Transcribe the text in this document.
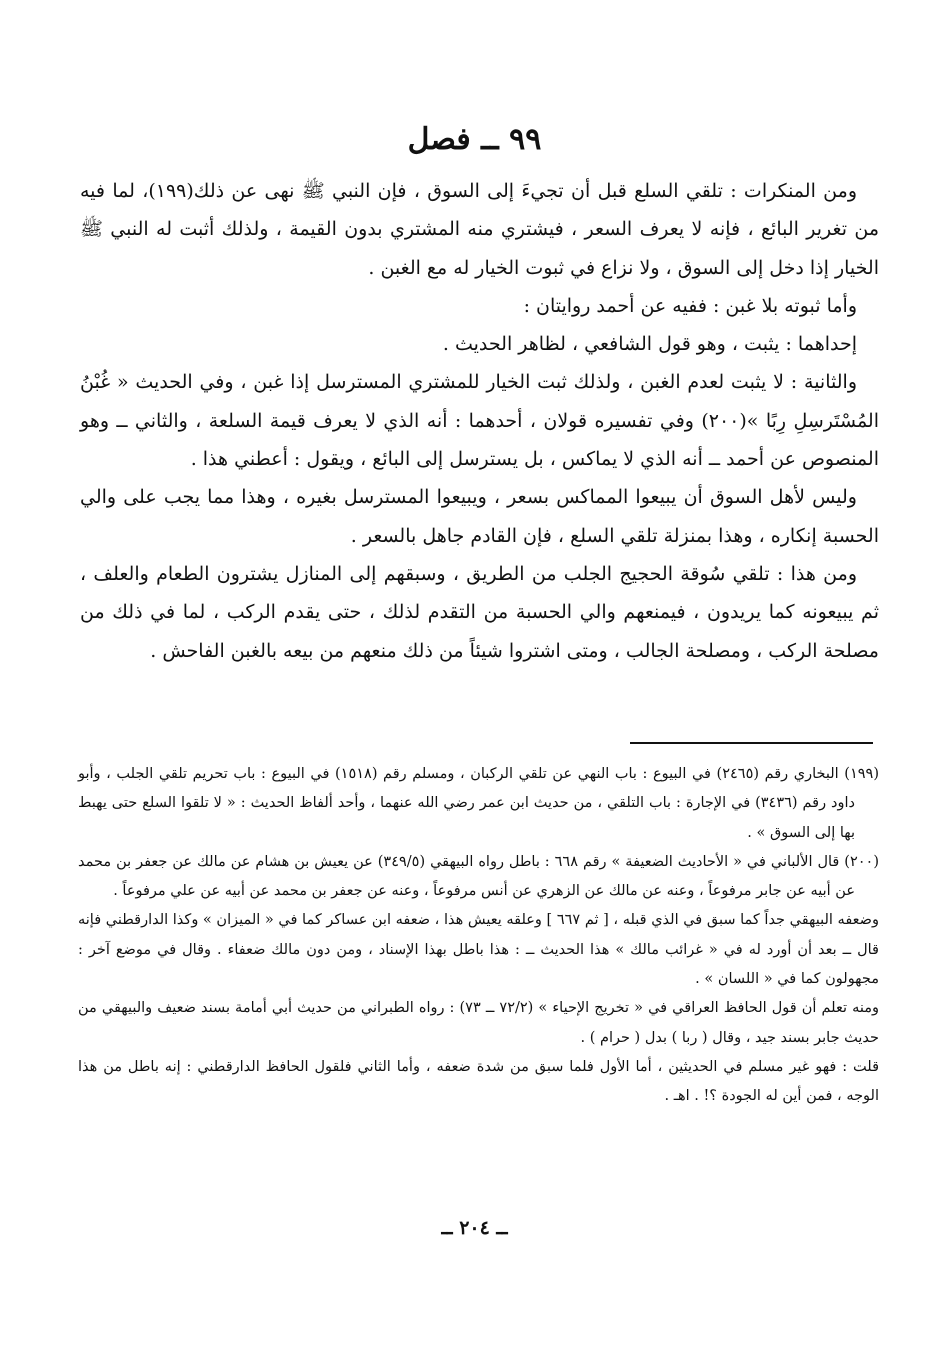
٩٩ ــ فصل

ومن المنكرات : تلقي السلع قبل أن تجيءَ إلى السوق ، فإن النبي ﷺ نهى عن ذلك(١٩٩)، لما فيه من تغرير البائع ، فإنه لا يعرف السعر ، فيشتري منه المشتري بدون القيمة ، ولذلك أثبت له النبي ﷺ الخيار إذا دخل إلى السوق ، ولا نزاع في ثبوت الخيار له مع الغبن .

وأما ثبوته بلا غبن : ففيه عن أحمد روايتان :

إحداهما : يثبت ، وهو قول الشافعي ، لظاهر الحديث .

والثانية : لا يثبت لعدم الغبن ، ولذلك ثبت الخيار للمشتري المسترسل إذا غبن ، وفي الحديث « غُبْنُ المُسْتَرسِلِ رِبًا »(٢٠٠) وفي تفسيره قولان ، أحدهما : أنه الذي لا يعرف قيمة السلعة ، والثاني ــ وهو المنصوص عن أحمد ــ أنه الذي لا يماكس ، بل يسترسل إلى البائع ، ويقول : أعطني هذا .

وليس لأهل السوق أن يبيعوا المماكس بسعر ، ويبيعوا المسترسل بغيره ، وهذا مما يجب على والي الحسبة إنكاره ، وهذا بمنزلة تلقي السلع ، فإن القادم جاهل بالسعر .

ومن هذا : تلقي سُوقة الحجيج الجلب من الطريق ، وسبقهم إلى المنازل يشترون الطعام والعلف ، ثم يبيعونه كما يريدون ، فيمنعهم والي الحسبة من التقدم لذلك ، حتى يقدم الركب ، لما في ذلك من مصلحة الركب ، ومصلحة الجالب ، ومتى اشتروا شيئاً من ذلك منعهم من بيعه بالغبن الفاحش .

(١٩٩) البخاري رقم (٢٤٦٥) في البيوع : باب النهي عن تلقي الركبان ، ومسلم رقم (١٥١٨) في البيوع : باب تحريم تلقي الجلب ، وأبو داود رقم (٣٤٣٦) في الإجارة : باب التلقي ، من حديث ابن عمر رضي الله عنهما ، وأحد ألفاظ الحديث : « لا تلقوا السلع حتى يهبط بها إلى السوق » .

(٢٠٠) قال الألباني في « الأحاديث الضعيفة » رقم ٦٦٨ : باطل رواه البيهقي (٣٤٩/٥) عن يعيش بن هشام عن مالك عن جعفر بن محمد عن أبيه عن جابر مرفوعاً ، وعنه عن مالك عن الزهري عن أنس مرفوعاً ، وعنه عن جعفر بن محمد عن أبيه عن علي مرفوعاً .

وضعفه البيهقي جداً كما سبق في الذي قبله ، [ ثم ٦٦٧ ] وعلقه يعيش هذا ، ضعفه ابن عساكر كما في « الميزان » وكذا الدارقطني فإنه قال ــ بعد أن أورد له في « غرائب مالك » هذا الحديث ــ : هذا باطل بهذا الإسناد ، ومن دون مالك ضعفاء . وقال في موضع آخر : مجهولون كما في « اللسان » .

ومنه تعلم أن قول الحافظ العراقي في « تخريج الإحياء » (٧٢/٢ ــ ٧٣) : رواه الطبراني من حديث أبي أمامة بسند ضعيف والبيهقي من حديث جابر بسند جيد ، وقال ( ربا ) بدل ( حرام ) .

قلت : فهو غير مسلم في الحديثين ، أما الأول فلما سبق من شدة ضعفه ، وأما الثاني فلقول الحافظ الدارقطني : إنه باطل من هذا الوجه ، فمن أين له الجودة ؟! . اهـ .

ــ ٢٠٤ ــ
